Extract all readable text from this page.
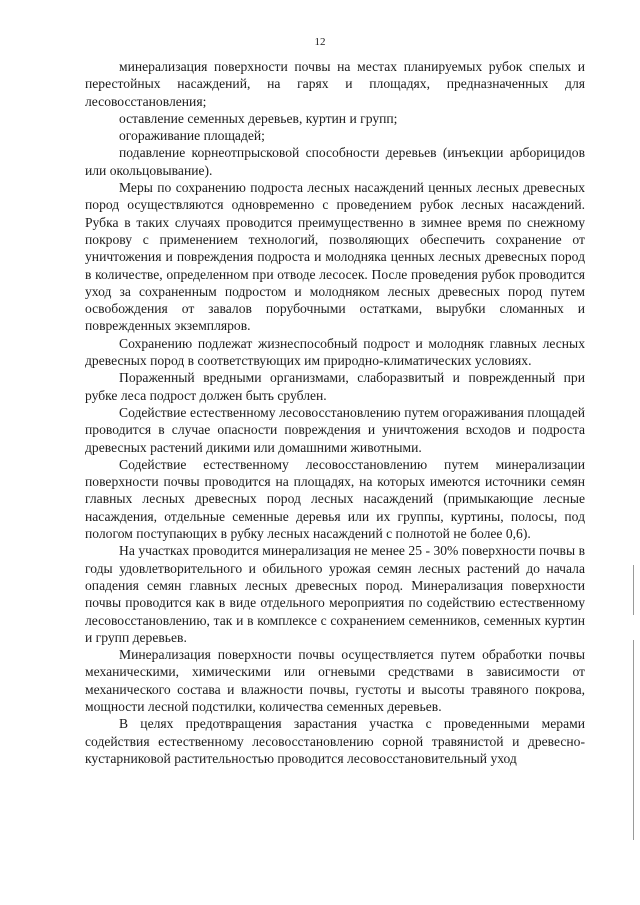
12

минерализация поверхности почвы на местах планируемых рубок спелых и перестойных насаждений, на гарях и площадях, предназначенных для лесовосстановления;

оставление семенных деревьев, куртин и групп;

огораживание площадей;

подавление корнеотпрысковой способности деревьев (инъекции арборицидов или окольцовывание).

Меры по сохранению подроста лесных насаждений ценных лесных древесных пород осуществляются одновременно с проведением рубок лесных насаждений. Рубка в таких случаях проводится преимущественно в зимнее время по снежному покрову с применением технологий, позволяющих обеспечить сохранение от уничтожения и повреждения подроста и молодняка ценных лесных древесных пород в количестве, определенном при отводе лесосек. После проведения рубок проводится уход за сохраненным подростом и молодняком лесных древесных пород путем освобождения от завалов порубочными остатками, вырубки сломанных и поврежденных экземпляров.

Сохранению подлежат жизнеспособный подрост и молодняк главных лесных древесных пород в соответствующих им природно-климатических условиях.

Пораженный вредными организмами, слаборазвитый и поврежденный при рубке леса подрост должен быть срублен.

Содействие естественному лесовосстановлению путем огораживания площадей проводится в случае опасности повреждения и уничтожения всходов и подроста древесных растений дикими или домашними животными.

Содействие естественному лесовосстановлению путем минерализации поверхности почвы проводится на площадях, на которых имеются источники семян главных лесных древесных пород лесных насаждений (примыкающие лесные насаждения, отдельные семенные деревья или их группы, куртины, полосы, под пологом поступающих в рубку лесных насаждений с полнотой не более 0,6).

На участках проводится минерализация не менее 25 - 30% поверхности почвы в годы удовлетворительного и обильного урожая семян лесных растений до начала опадения семян главных лесных древесных пород. Минерализация поверхности почвы проводится как в виде отдельного мероприятия по содействию естественному лесовосстановлению, так и в комплексе с сохранением семенников, семенных куртин и групп деревьев.

Минерализация поверхности почвы осуществляется путем обработки почвы механическими, химическими или огневыми средствами в зависимости от механического состава и влажности почвы, густоты и высоты травяного покрова, мощности лесной подстилки, количества семенных деревьев.

В целях предотвращения зарастания участка с проведенными мерами содействия естественному лесовосстановлению сорной травянистой и древесно-кустарниковой растительностью проводится лесовосстановительный уход
